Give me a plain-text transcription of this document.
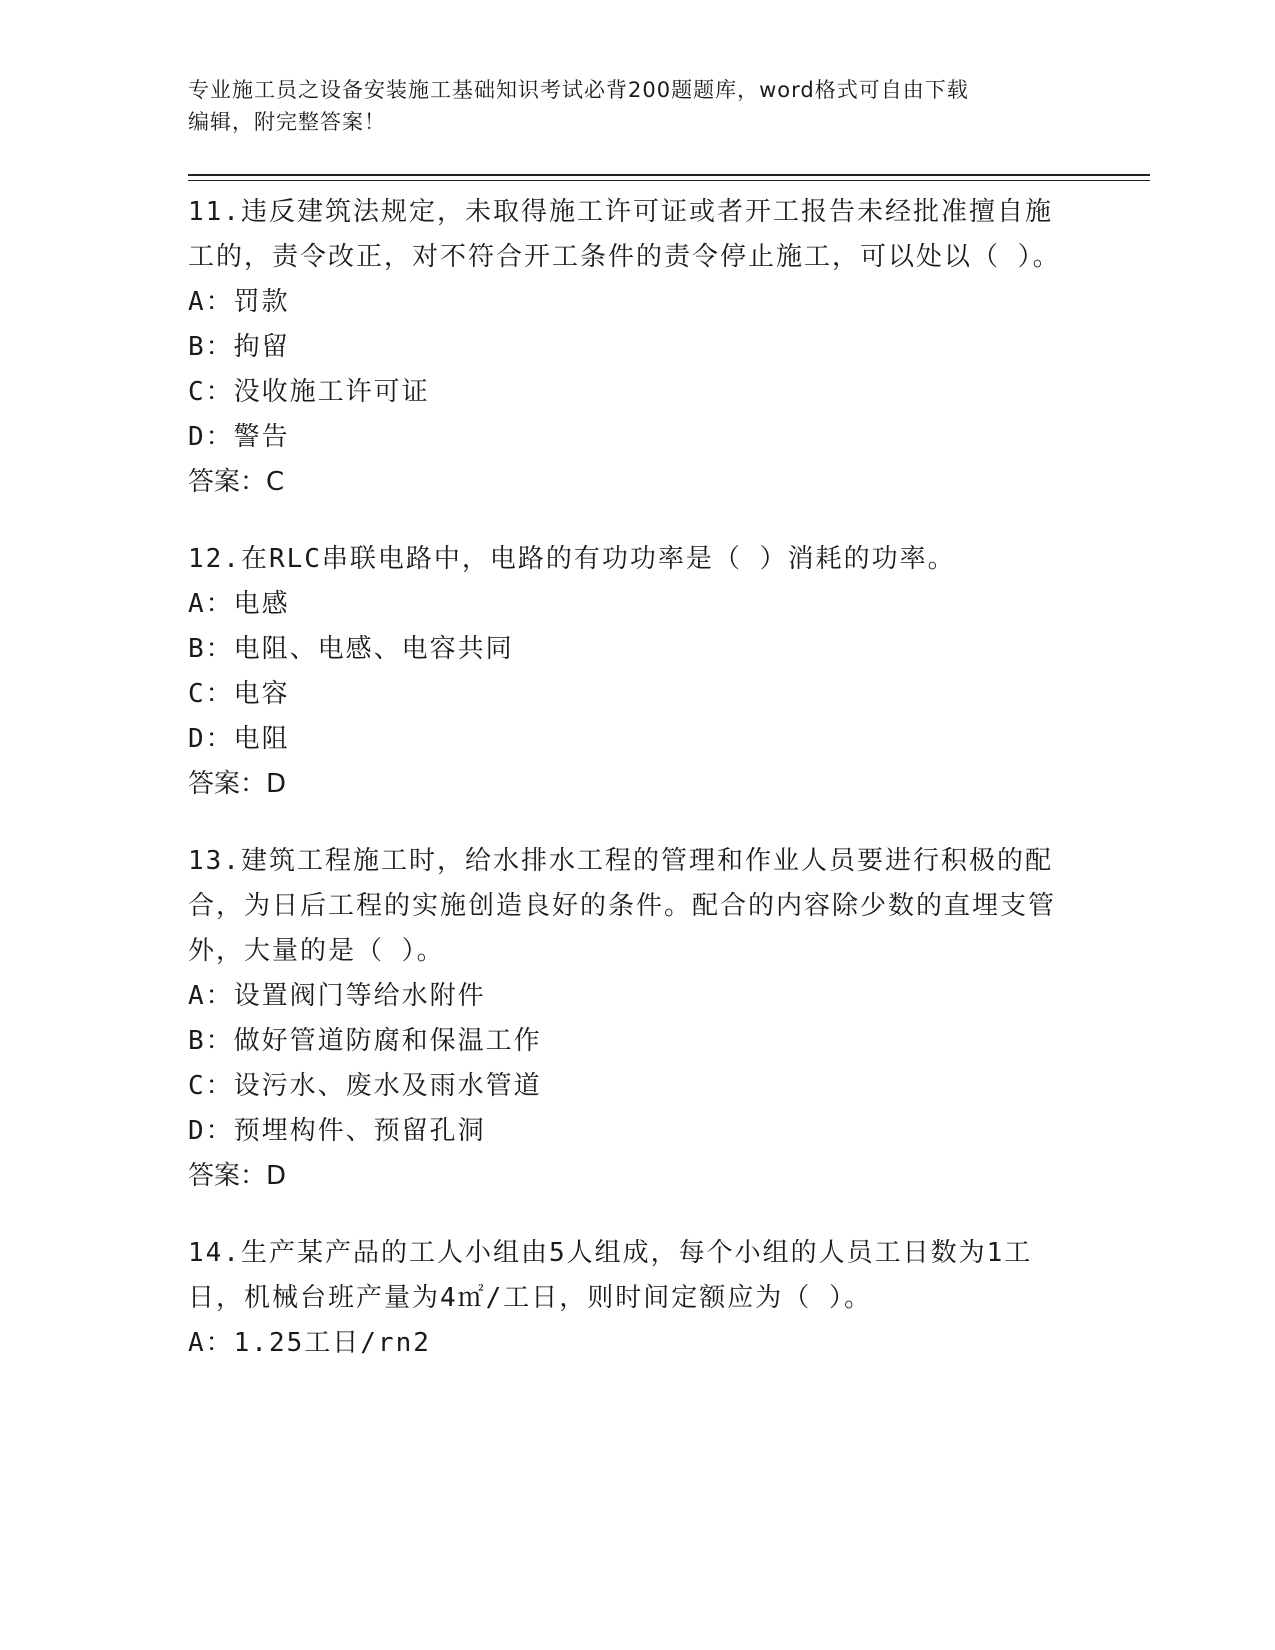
专业施工员之设备安装施工基础知识考试必背200题题库，word格式可自由下载
编辑，附完整答案！

11.违反建筑法规定，未取得施工许可证或者开工报告未经批准擅自施工的，责令改正，对不符合开工条件的责令停止施工，可以处以（ ）。

A：罚款

B：拘留

C：没收施工许可证

D：警告

答案：C

12.在RLC串联电路中，电路的有功功率是（ ）消耗的功率。

A：电感

B：电阻、电感、电容共同

C：电容

D：电阻

答案：D

13.建筑工程施工时，给水排水工程的管理和作业人员要进行积极的配合，为日后工程的实施创造良好的条件。配合的内容除少数的直埋支管外，大量的是（ ）。

A：设置阀门等给水附件

B：做好管道防腐和保温工作

C：设污水、废水及雨水管道

D：预埋构件、预留孔洞

答案：D

14.生产某产品的工人小组由5人组成，每个小组的人员工日数为1工日，机械台班产量为4㎡/工日，则时间定额应为（ ）。

A：1.25工日/rn2
